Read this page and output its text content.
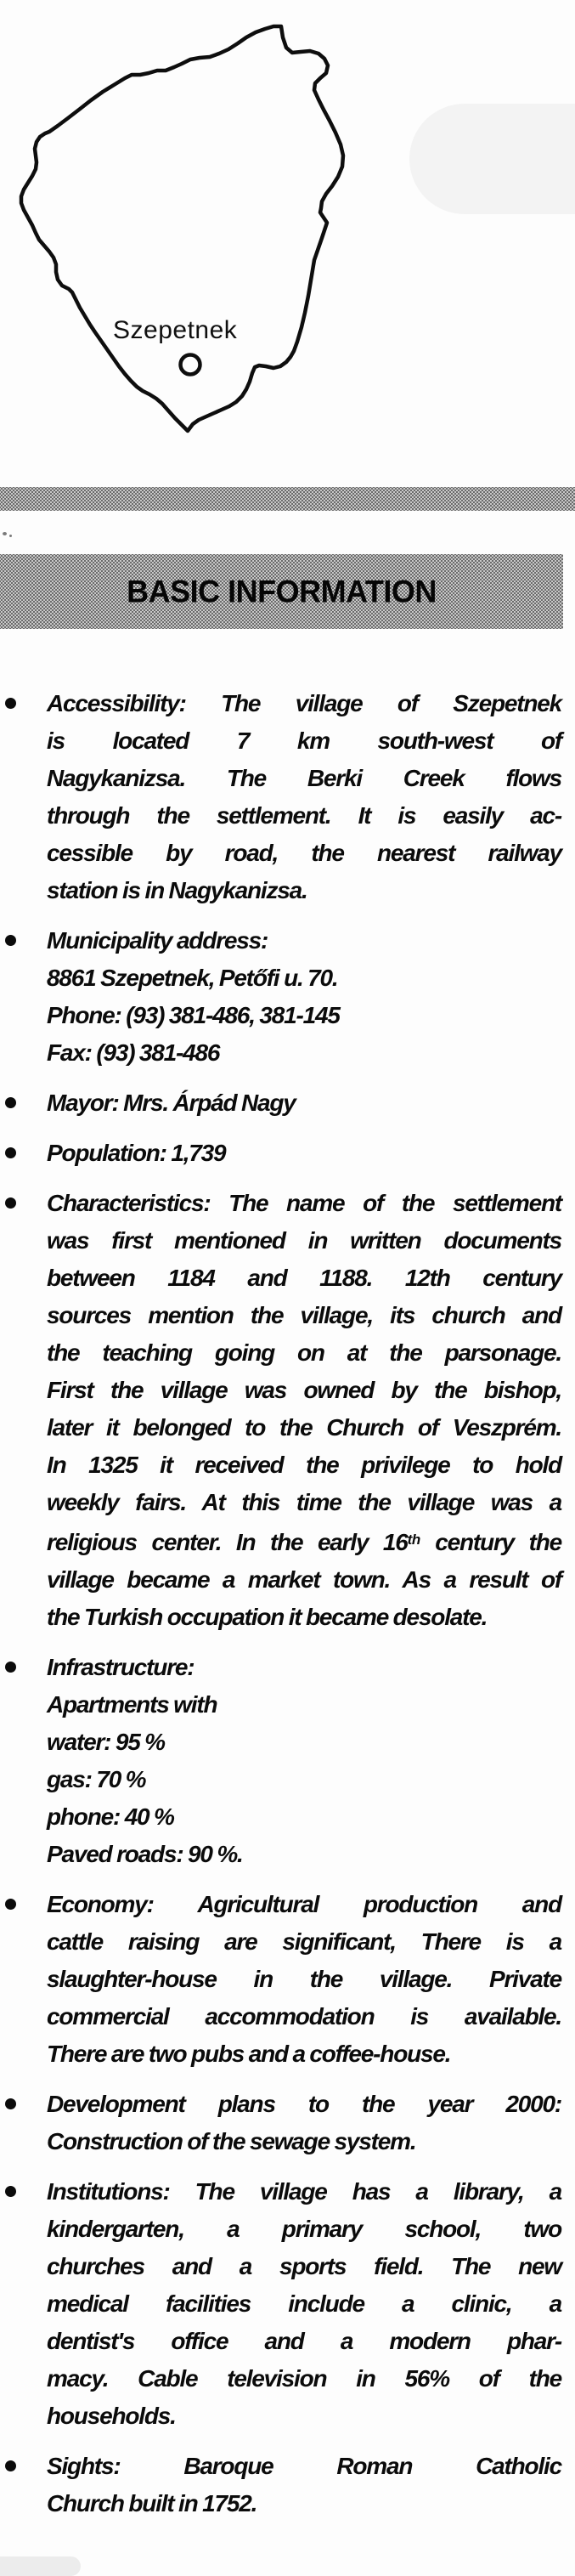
Szepetnek
BASIC INFORMATION
Accessibility: The village of Szepetnek
is located 7 km south-west of
Nagykanizsa. The Berki Creek flows
through the settlement. It is easily ac-
cessible by road, the nearest railway
station is in Nagykanizsa.
Municipality address:
8861 Szepetnek, Petőfi u. 70.
Phone: (93) 381-486, 381-145
Fax: (93) 381-486
Mayor: Mrs. Árpád Nagy
Population: 1,739
Characteristics: The name of the settlement
was first mentioned in written documents
between 1184 and 1188. 12th century
sources mention the village, its church and
the teaching going on at the parsonage.
First the village was owned by the bishop,
later it belonged to the Church of Veszprém.
In 1325 it received the privilege to hold
weekly fairs. At this time the village was a
religious center. In the early 16th century the
village became a market town. As a result of
the Turkish occupation it became desolate.
Infrastructure:
Apartments with
water: 95 %
gas: 70 %
phone: 40 %
Paved roads: 90 %.
Economy: Agricultural production and
cattle raising are significant, There is a
slaughter-house in the village. Private
commercial accommodation is available.
There are two pubs and a coffee-house.
Development plans to the year 2000:
Construction of the sewage system.
Institutions: The village has a library, a
kindergarten, a primary school, two
churches and a sports field. The new
medical facilities include a clinic, a
dentist's office and a modern phar-
macy. Cable television in 56% of the
households.
Sights: Baroque Roman Catholic
Church built in 1752.
